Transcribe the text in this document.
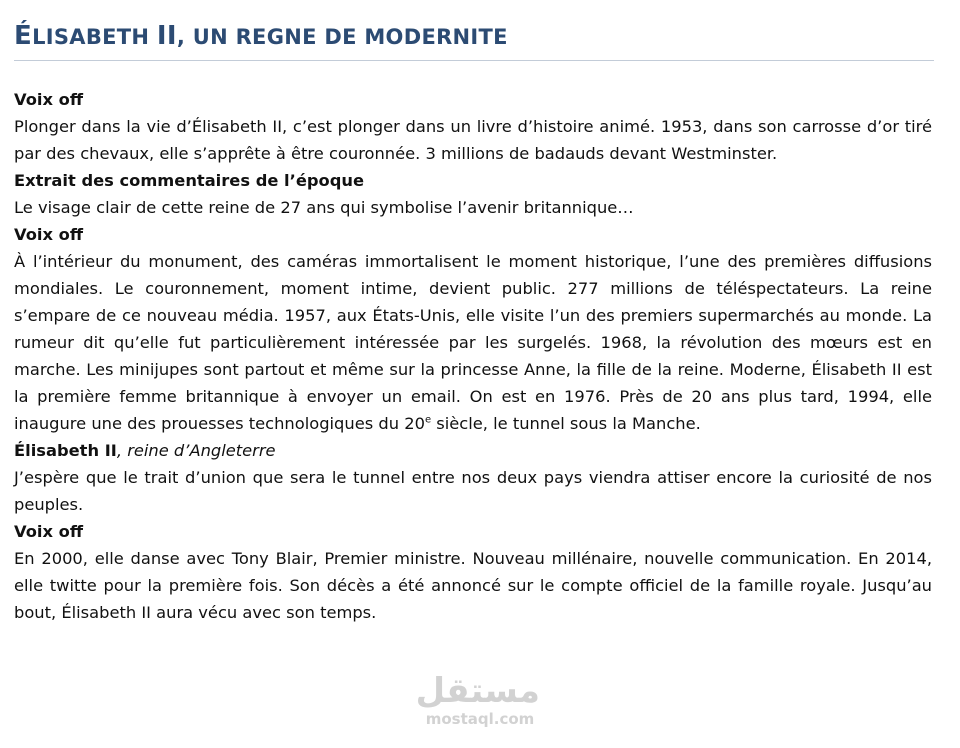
ÉLISABETH II, UN REGNE DE MODERNITE

Voix off

Plonger dans la vie d’Élisabeth II, c’est plonger dans un livre d’histoire animé. 1953, dans son carrosse d’or tiré par des chevaux, elle s’apprête à être couronnée. 3 millions de badauds devant Westminster.

Extrait des commentaires de l’époque

Le visage clair de cette reine de 27 ans qui symbolise l’avenir britannique…

Voix off

À l’intérieur du monument, des caméras immortalisent le moment historique, l’une des premières diffusions mondiales. Le couronnement, moment intime, devient public. 277 millions de téléspectateurs. La reine s’empare de ce nouveau média. 1957, aux États-Unis, elle visite l’un des premiers supermarchés au monde. La rumeur dit qu’elle fut particulièrement intéressée par les surgelés. 1968, la révolution des mœurs est en marche. Les minijupes sont partout et même sur la princesse Anne, la fille de la reine. Moderne, Élisabeth II est la première femme britannique à envoyer un email. On est en 1976. Près de 20 ans plus tard, 1994, elle inaugure une des prouesses technologiques du 20e siècle, le tunnel sous la Manche.

Élisabeth II, reine d’Angleterre

J’espère que le trait d’union que sera le tunnel entre nos deux pays viendra attiser encore la curiosité de nos peuples.

Voix off

En 2000, elle danse avec Tony Blair, Premier ministre. Nouveau millénaire, nouvelle communication. En 2014, elle twitte pour la première fois. Son décès a été annoncé sur le compte officiel de la famille royale. Jusqu’au bout, Élisabeth II aura vécu avec son temps.

مستقل
mostaql.com
